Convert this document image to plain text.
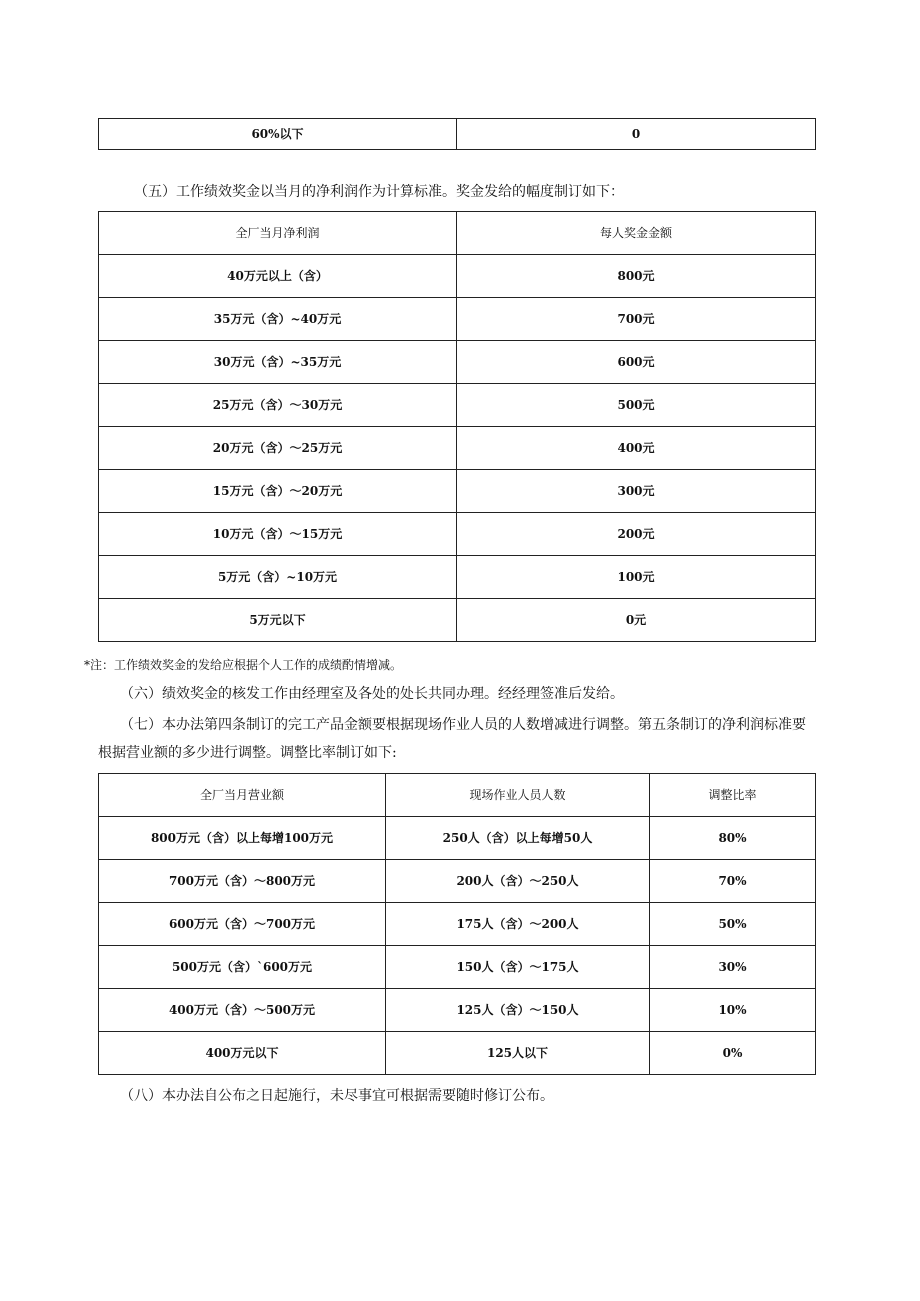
60%以下	0

（五）工作绩效奖金以当月的净利润作为计算标准。奖金发给的幅度制订如下：

全厂当月净利润	每人奖金金额
40万元以上（含）	800元
35万元（含）~40万元	700元
30万元（含）~35万元	600元
25万元（含）～30万元	500元
20万元（含）～25万元	400元
15万元（含）～20万元	300元
10万元（含）～15万元	200元
5万元（含）~10万元	100元
5万元以下	0元

*注：工作绩效奖金的发给应根据个人工作的成绩酌情增减。

（六）绩效奖金的核发工作由经理室及各处的处长共同办理。经经理签准后发给。

（七）本办法第四条制订的完工产品金额要根据现场作业人员的人数增减进行调整。第五条制订的净利润标准要根据营业额的多少进行调整。调整比率制订如下:

全厂当月营业额	现场作业人员人数	调整比率
800万元（含）以上每增100万元	250人（含）以上每增50人	80%
700万元（含）～800万元	200人（含）～250人	70%
600万元（含）～700万元	175人（含）～200人	50%
500万元（含）`600万元	150人（含）～175人	30%
400万元（含）～500万元	125人（含）～150人	10%
400万元以下	125人以下	0%

（八）本办法自公布之日起施行，未尽事宜可根据需要随时修订公布。
